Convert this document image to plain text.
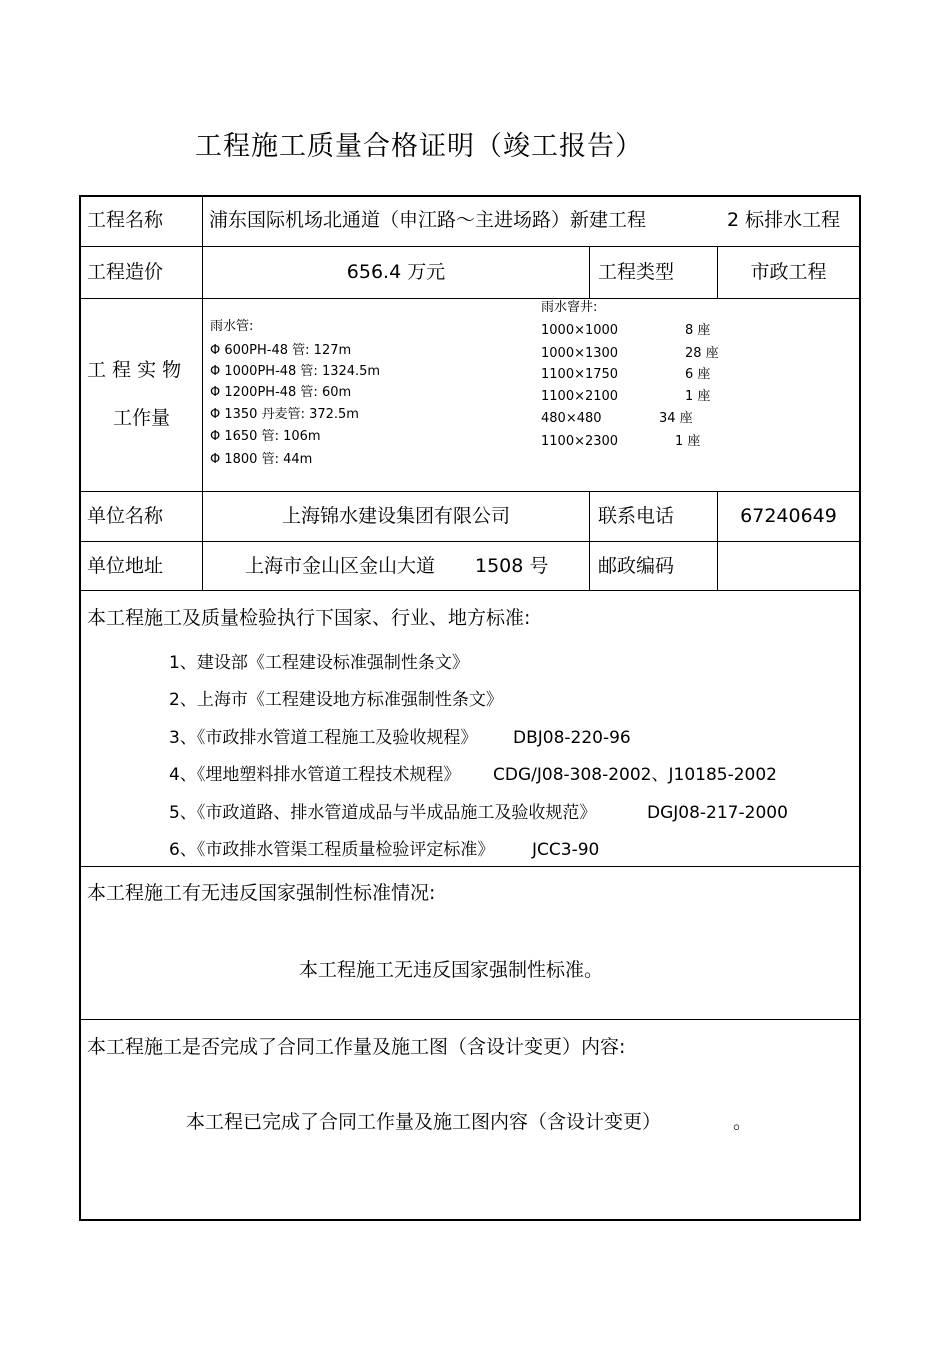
工程施工质量合格证明（竣工报告）
工程名称 浦东国际机场北通道（申江路～主进场路）新建工程	2 标排水工程
工程造价	656.4 万元	工程类型	市政工程
工 程 实 物
工作量
雨水管:
Φ 600PH-48 管: 127m
Φ 1000PH-48 管: 1324.5m
Φ 1200PH-48 管: 60m
Φ 1350 丹麦管: 372.5m
Φ 1650 管: 106m
Φ 1800 管: 44m
雨水窨井:
1000×1000	8 座
1000×1300	28 座
1100×1750	6 座
1100×2100	1 座
480×480	34 座
1100×2300	1 座
单位名称	上海锦水建设集团有限公司	联系电话	67240649
单位地址	上海市金山区金山大道 1508 号	邮政编码
本工程施工及质量检验执行下国家、行业、地方标准:
1、建设部《工程建设标准强制性条文》
2、上海市《工程建设地方标准强制性条文》
3、《市政排水管道工程施工及验收规程》 DBJ08-220-96
4、《埋地塑料排水管道工程技术规程》 CDG/J08-308-2002、J10185-2002
5、《市政道路、排水管道成品与半成品施工及验收规范》	DGJ08-217-2000
6、《市政排水管渠工程质量检验评定标准》 JCC3-90
本工程施工有无违反国家强制性标准情况:
本工程施工无违反国家强制性标准。
本工程施工是否完成了合同工作量及施工图（含设计变更）内容:
本工程已完成了合同工作量及施工图内容（含设计变更）	。
